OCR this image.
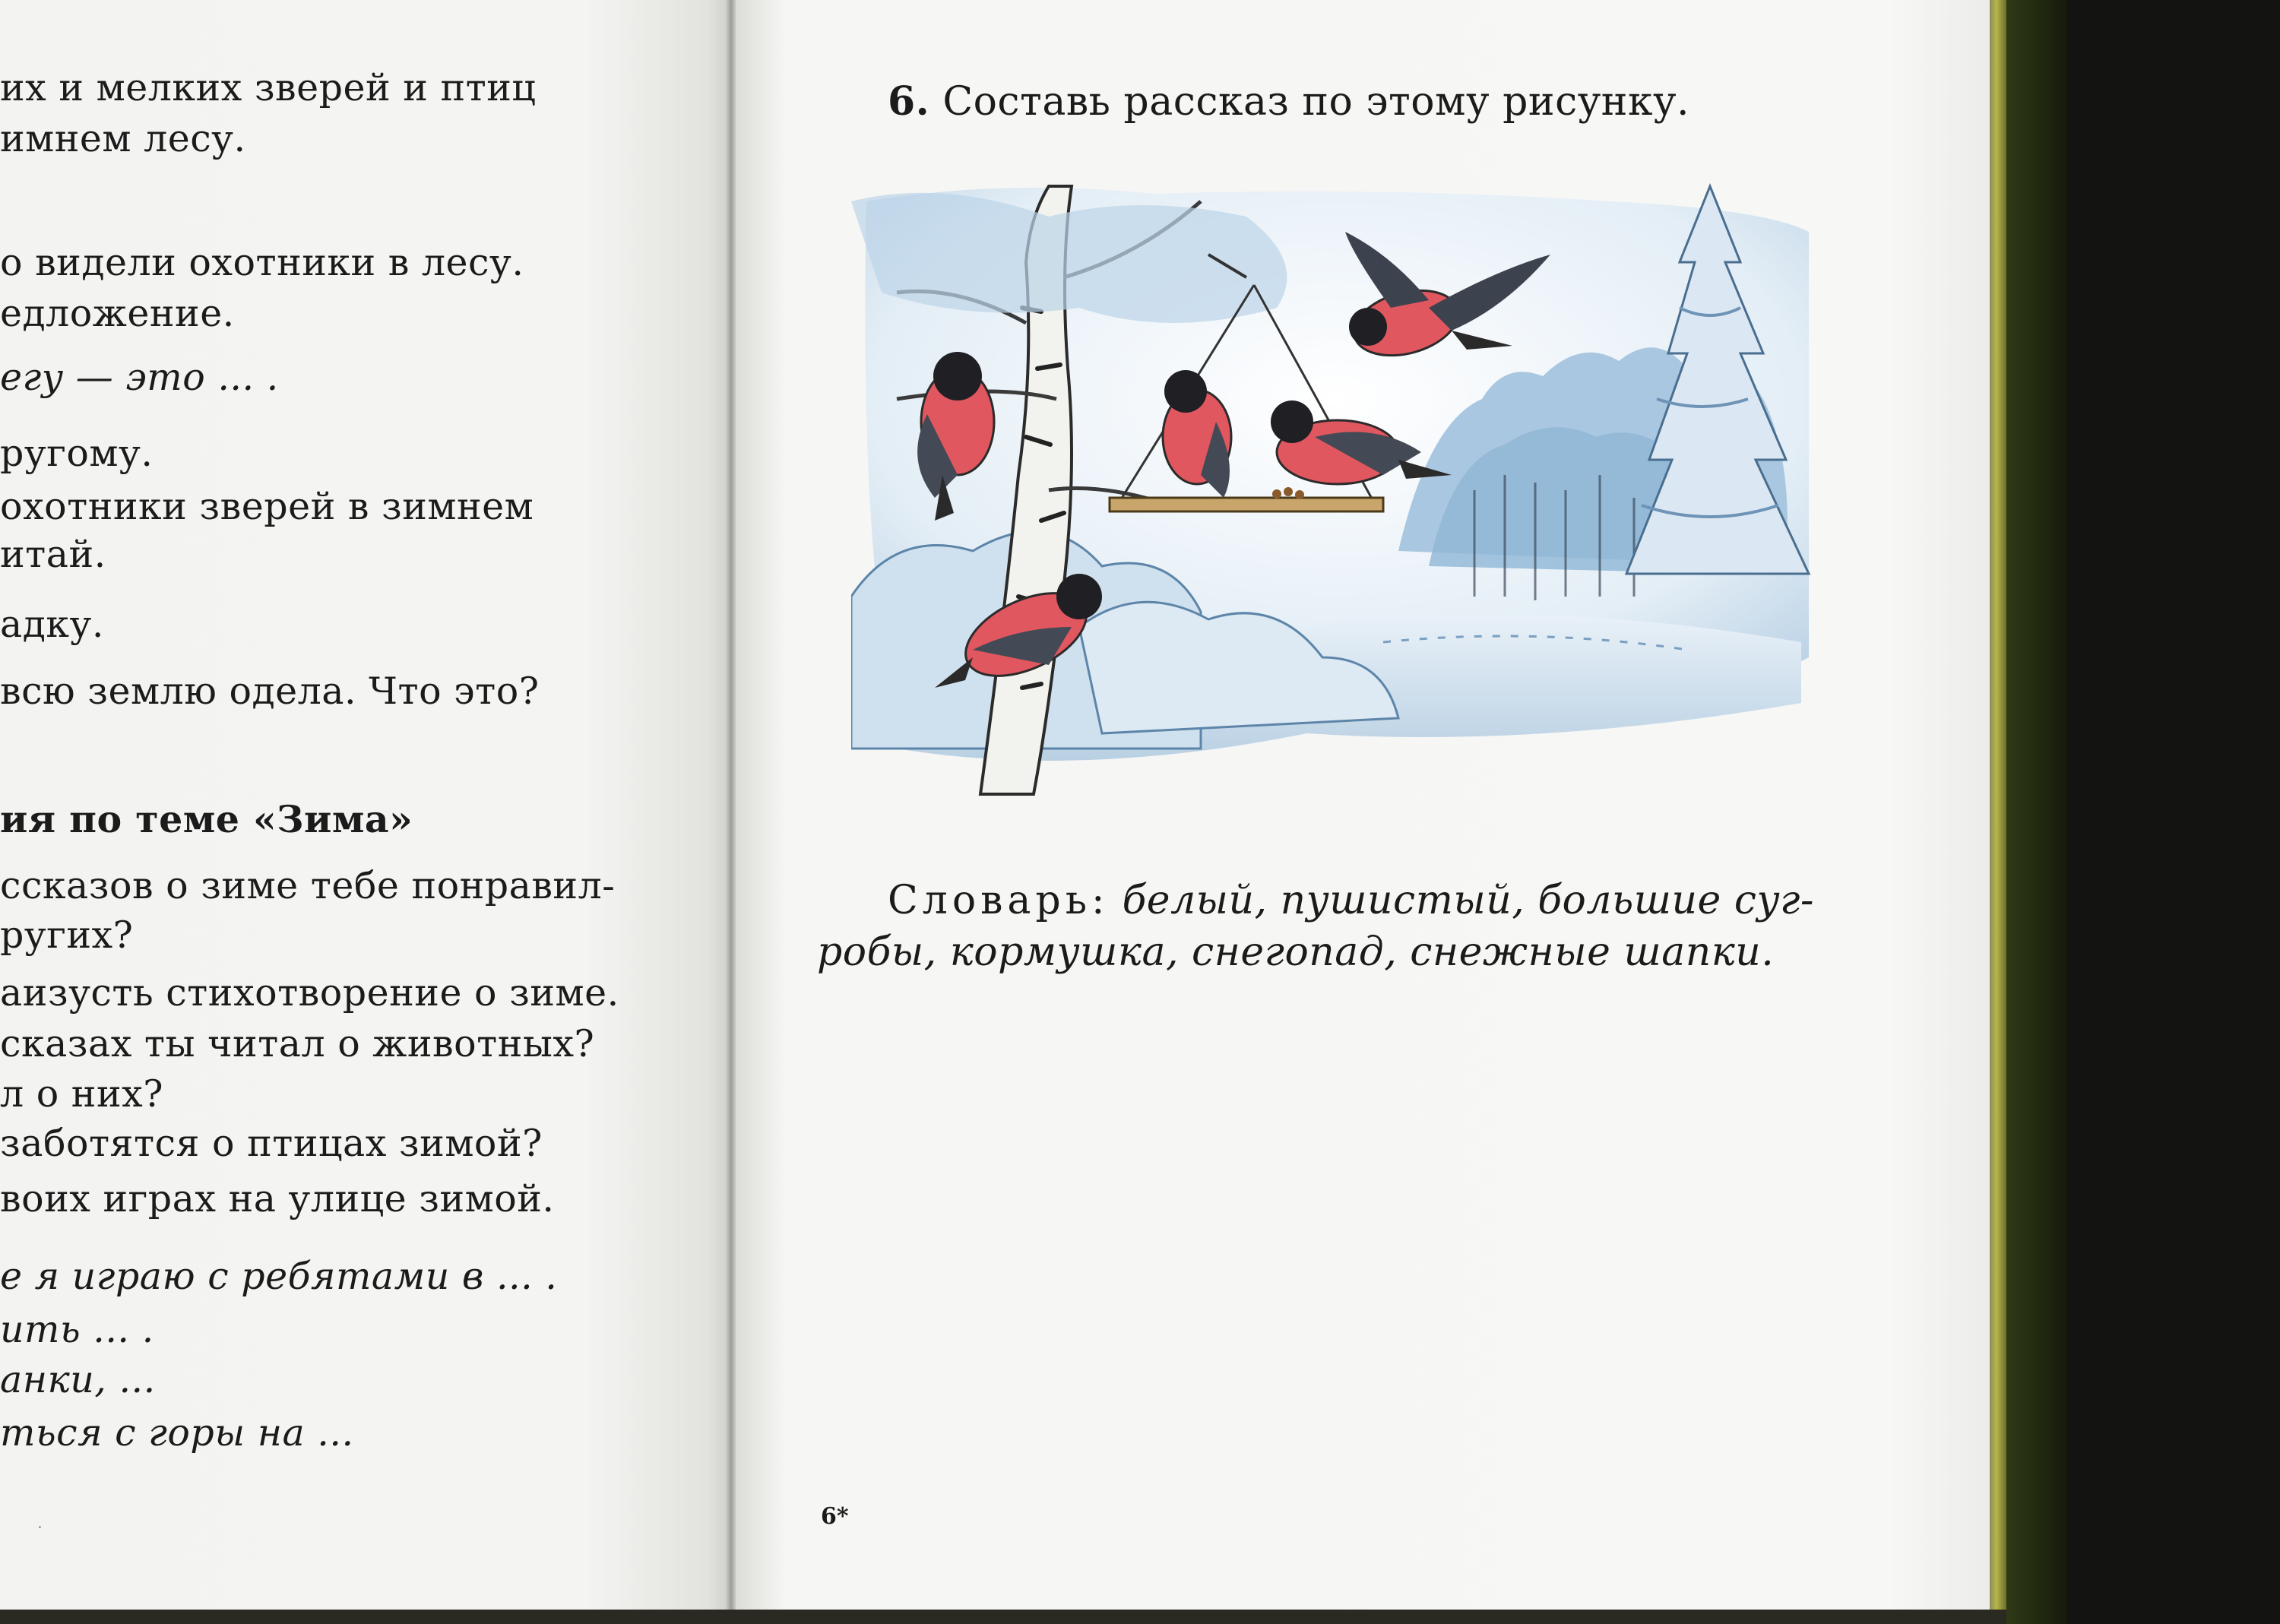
их и мелких зверей и птиц
имнем лесу.
о видели охотники в лесу.
едложение.
егу — это ... .
ругому.
охотники зверей в зимнем
итай.
адку.
всю землю одела. Что это?
ия по теме «Зима»
ссказов о зиме тебе понравил-
ругих?
аизусть стихотворение о зиме.
сказах ты читал о животных?
л о них?
заботятся о птицах зимой?
воих играх на улице зимой.
е я играю с ребятами в ... .
ить ... .
анки, ...
ться с горы на ...
·
6. Составь рассказ по этому рисунку.
Словарь: белый, пушистый, большие суг-
робы, кормушка, снегопад, снежные шапки.
6*
